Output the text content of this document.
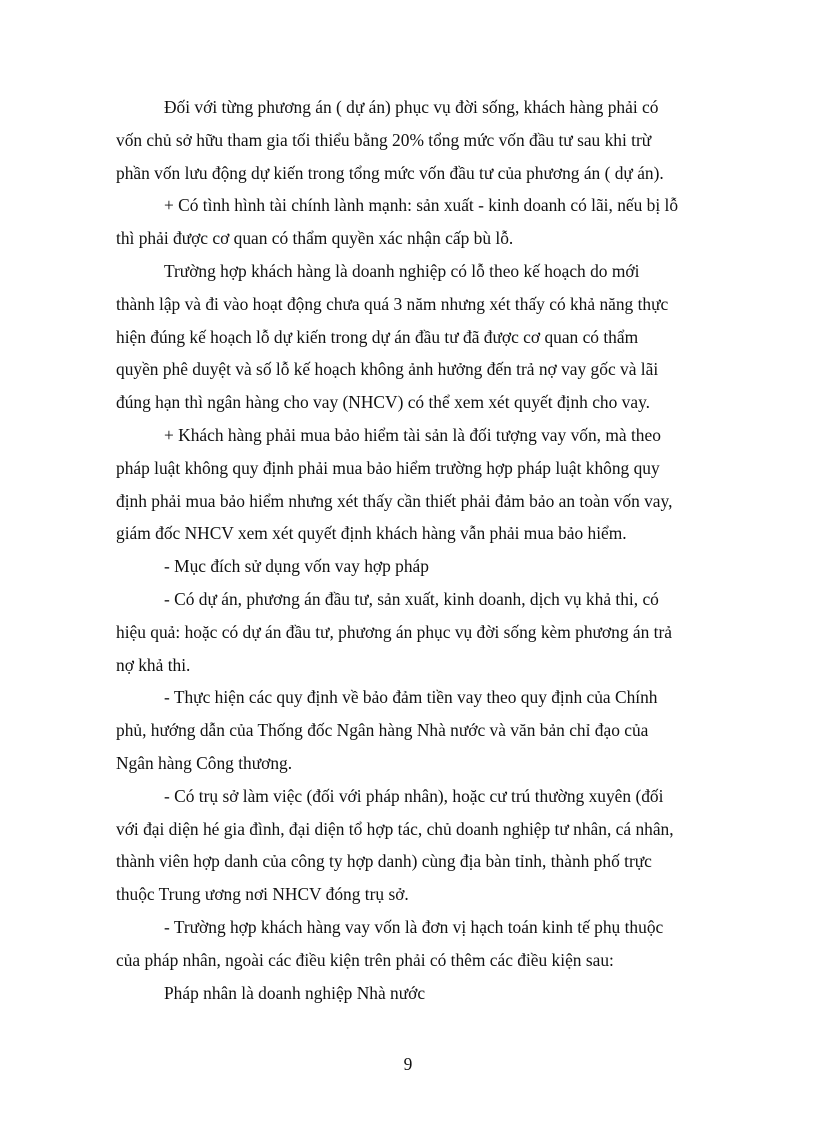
Đối với từng phương án ( dự án) phục vụ đời sống, khách hàng phải có
vốn chủ sở hữu tham gia tối thiểu bằng 20% tổng mức vốn đầu tư sau khi trừ
phần vốn lưu động dự kiến trong tổng mức vốn đầu tư của phương án ( dự án).

+ Có tình hình tài chính lành mạnh: sản xuất - kinh doanh có lãi, nếu bị lỗ
thì phải được cơ quan có thẩm quyền xác nhận cấp bù lỗ.

Trường hợp khách hàng là doanh nghiệp có lỗ theo kế hoạch do mới
thành lập và đi vào hoạt động chưa quá 3 năm nhưng xét thấy có khả năng thực
hiện đúng kế hoạch lỗ dự kiến trong dự án đầu tư đã được cơ quan có thẩm
quyền phê duyệt và số lỗ kế hoạch không ảnh hưởng đến trả nợ vay gốc và lãi
đúng hạn thì ngân hàng cho vay (NHCV) có thể xem xét quyết định cho vay.

+ Khách hàng phải mua bảo hiểm tài sản là đối tượng vay vốn, mà theo
pháp luật không quy định phải mua bảo hiểm trường hợp pháp luật không quy
định phải mua bảo hiểm nhưng xét thấy cần thiết phải đảm bảo an toàn vốn vay,
giám đốc NHCV xem xét quyết định khách hàng vẫn phải mua bảo hiểm.

- Mục đích sử dụng vốn vay hợp pháp

- Có dự án, phương án đầu tư, sản xuất, kinh doanh, dịch vụ khả thi, có
hiệu quả: hoặc có dự án đầu tư, phương án phục vụ đời sống kèm phương án trả
nợ khả thi.

- Thực hiện các quy định về bảo đảm tiền vay theo quy định của Chính
phủ, hướng dẫn của Thống đốc Ngân hàng Nhà nước và văn bản chỉ đạo của
Ngân hàng Công thương.

- Có trụ sở làm việc (đối với pháp nhân), hoặc cư trú thường xuyên (đối
với đại diện hé gia đình, đại diện tổ hợp tác, chủ doanh nghiệp tư nhân, cá nhân,
thành viên hợp danh của công ty hợp danh) cùng địa bàn tỉnh, thành phố trực
thuộc Trung ương nơi NHCV đóng trụ sở.

- Trường hợp khách hàng vay vốn là đơn vị hạch toán kinh tế phụ thuộc
của pháp nhân, ngoài các điều kiện trên phải có thêm các điều kiện sau:

Pháp nhân là doanh nghiệp Nhà nước

9
